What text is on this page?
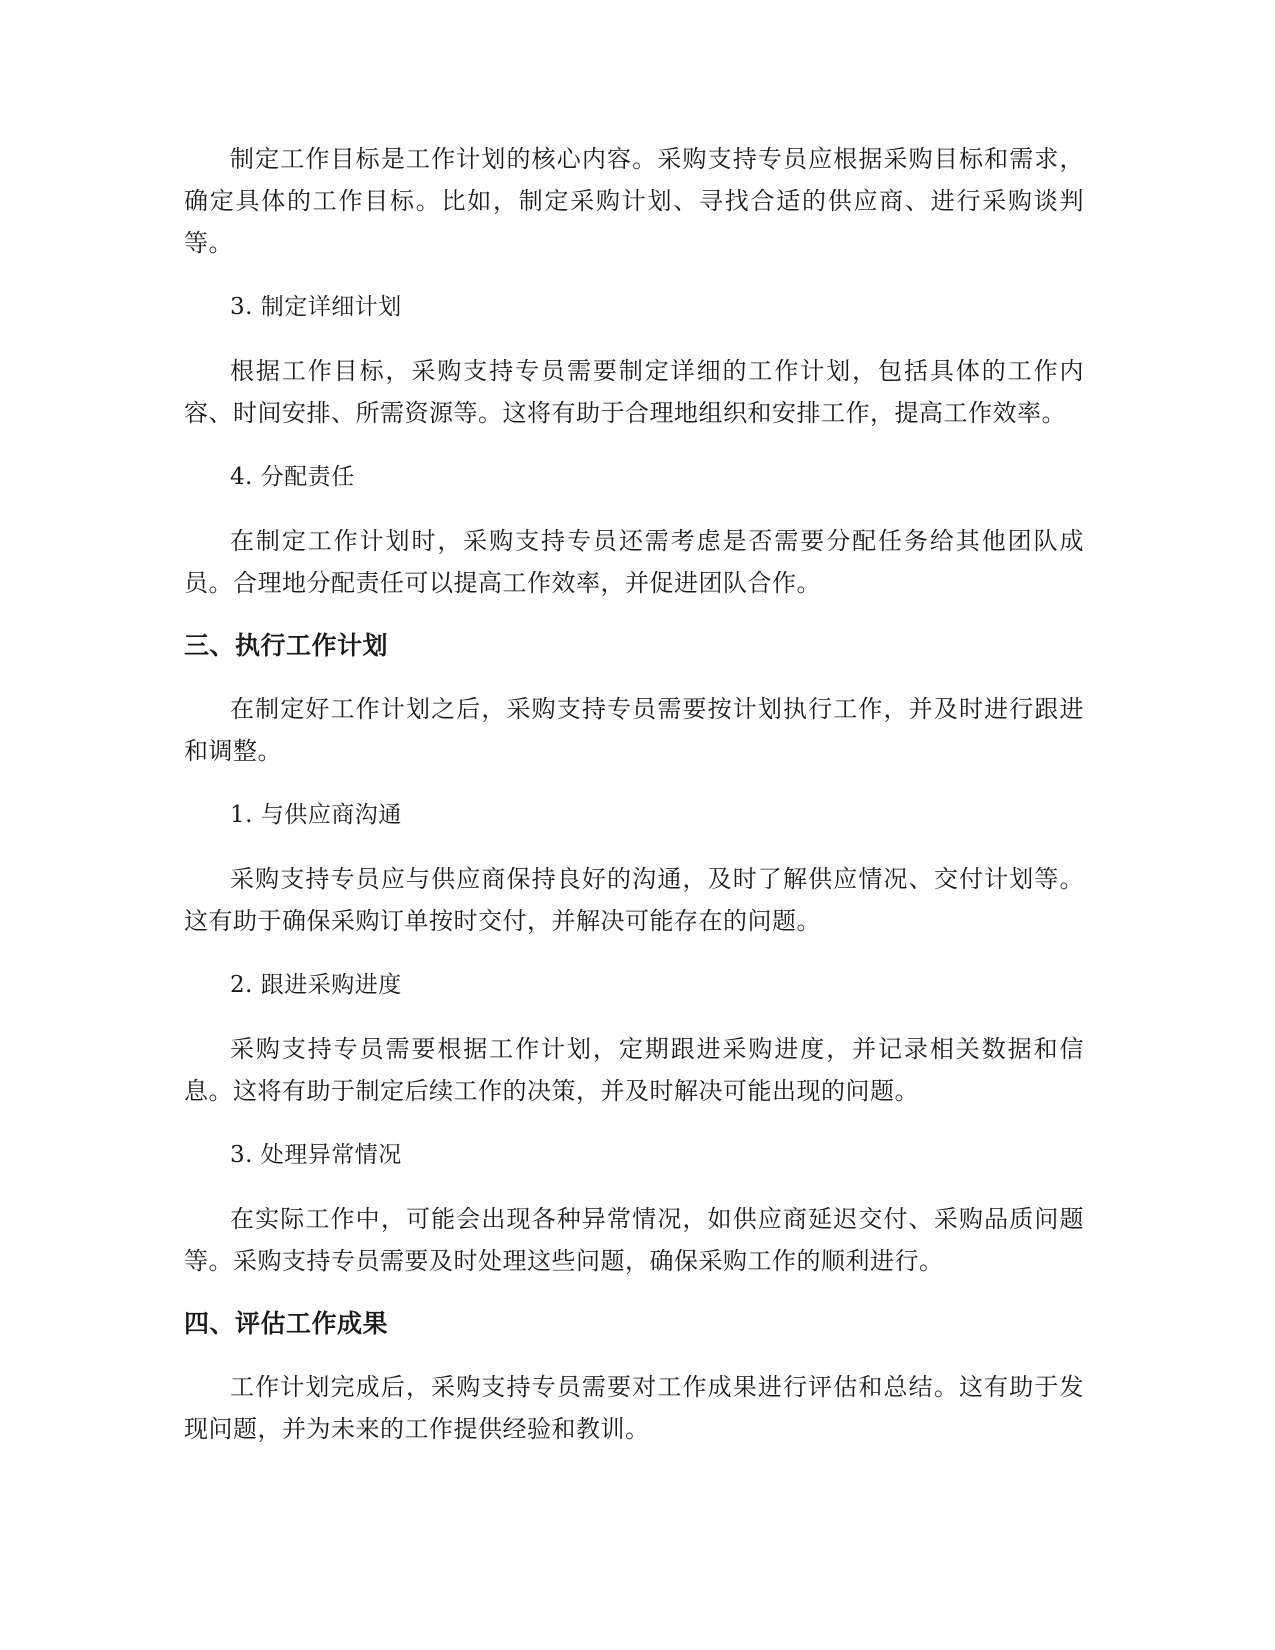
制定工作目标是工作计划的核心内容。采购支持专员应根据采购目标和需求，确定具体的工作目标。比如，制定采购计划、寻找合适的供应商、进行采购谈判等。

3. 制定详细计划

根据工作目标，采购支持专员需要制定详细的工作计划，包括具体的工作内容、时间安排、所需资源等。这将有助于合理地组织和安排工作，提高工作效率。

4. 分配责任

在制定工作计划时，采购支持专员还需考虑是否需要分配任务给其他团队成员。合理地分配责任可以提高工作效率，并促进团队合作。

三、执行工作计划

在制定好工作计划之后，采购支持专员需要按计划执行工作，并及时进行跟进和调整。

1. 与供应商沟通

采购支持专员应与供应商保持良好的沟通，及时了解供应情况、交付计划等。这有助于确保采购订单按时交付，并解决可能存在的问题。

2. 跟进采购进度

采购支持专员需要根据工作计划，定期跟进采购进度，并记录相关数据和信息。这将有助于制定后续工作的决策，并及时解决可能出现的问题。

3. 处理异常情况

在实际工作中，可能会出现各种异常情况，如供应商延迟交付、采购品质问题等。采购支持专员需要及时处理这些问题，确保采购工作的顺利进行。

四、评估工作成果

工作计划完成后，采购支持专员需要对工作成果进行评估和总结。这有助于发现问题，并为未来的工作提供经验和教训。
